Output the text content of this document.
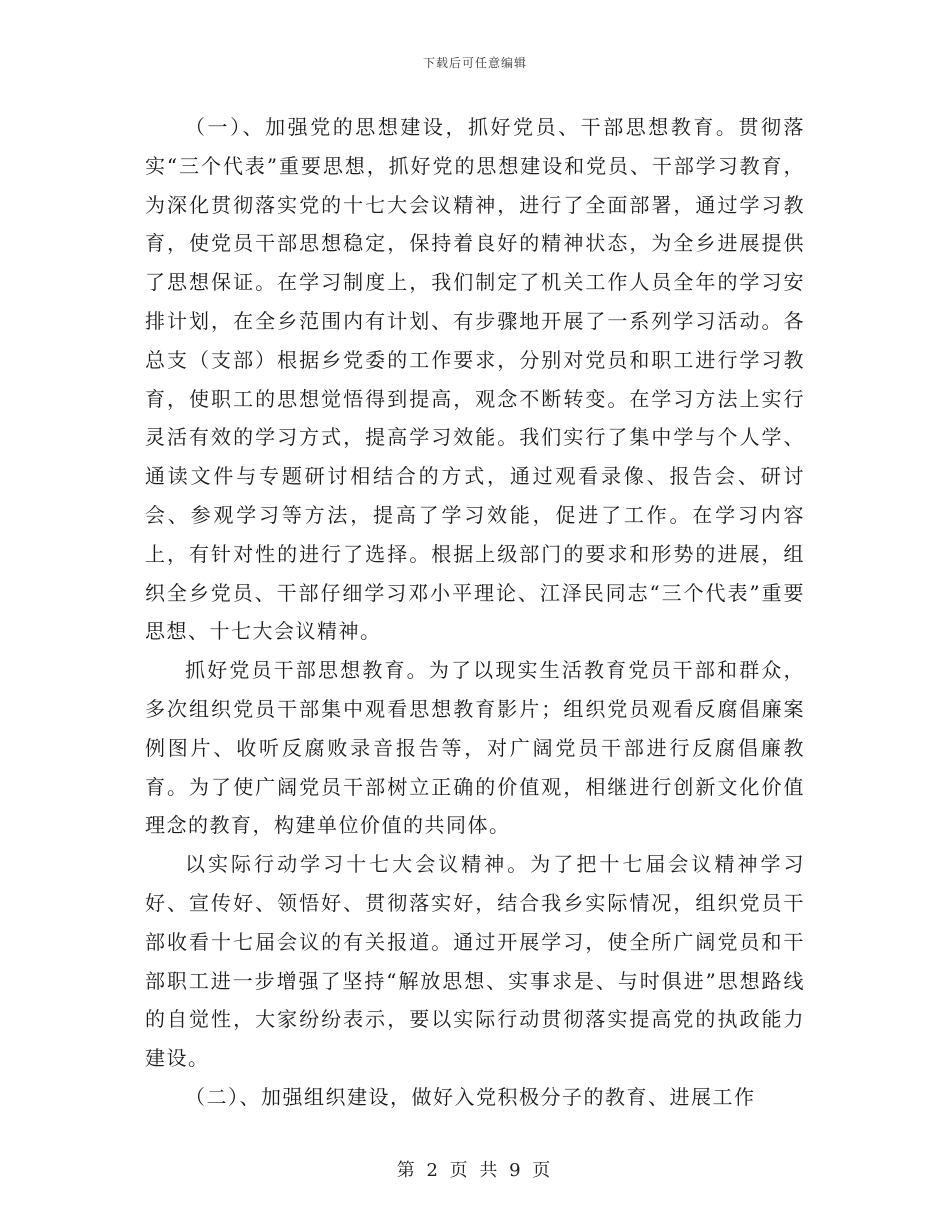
下载后可任意编辑

（一）、加强党的思想建设，抓好党员、干部思想教育。贯彻落实“三个代表”重要思想，抓好党的思想建设和党员、干部学习教育，为深化贯彻落实党的十七大会议精神，进行了全面部署，通过学习教育，使党员干部思想稳定，保持着良好的精神状态，为全乡进展提供了思想保证。在学习制度上，我们制定了机关工作人员全年的学习安排计划，在全乡范围内有计划、有步骤地开展了一系列学习活动。各总支（支部）根据乡党委的工作要求，分别对党员和职工进行学习教育，使职工的思想觉悟得到提高，观念不断转变。在学习方法上实行灵活有效的学习方式，提高学习效能。我们实行了集中学与个人学、通读文件与专题研讨相结合的方式，通过观看录像、报告会、研讨会、参观学习等方法，提高了学习效能，促进了工作。在学习内容上，有针对性的进行了选择。根据上级部门的要求和形势的进展，组织全乡党员、干部仔细学习邓小平理论、江泽民同志“三个代表”重要思想、十七大会议精神。

抓好党员干部思想教育。为了以现实生活教育党员干部和群众，多次组织党员干部集中观看思想教育影片；组织党员观看反腐倡廉案例图片、收听反腐败录音报告等，对广阔党员干部进行反腐倡廉教育。为了使广阔党员干部树立正确的价值观，相继进行创新文化价值理念的教育，构建单位价值的共同体。

以实际行动学习十七大会议精神。为了把十七届会议精神学习好、宣传好、领悟好、贯彻落实好，结合我乡实际情况，组织党员干部收看十七届会议的有关报道。通过开展学习，使全所广阔党员和干部职工进一步增强了坚持“解放思想、实事求是、与时俱进”思想路线的自觉性，大家纷纷表示，要以实际行动贯彻落实提高党的执政能力建设。

（二）、加强组织建设，做好入党积极分子的教育、进展工作

第 2 页 共 9 页
